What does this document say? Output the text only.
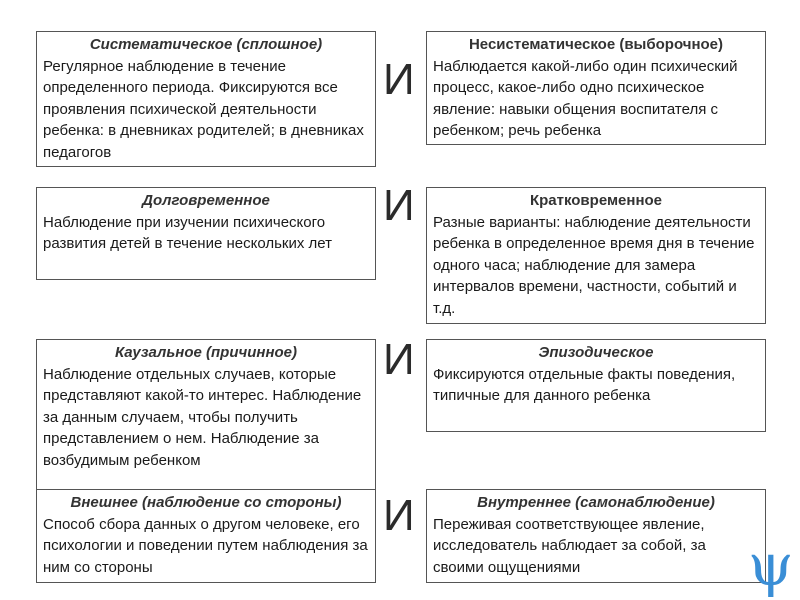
Систематическое (сплошное)
Регулярное наблюдение в течение определенного периода. Фиксируются все проявления психической деятельности ребенка: в дневниках родителей; в дневниках педагогов
И
Несистематическое (выборочное)
Наблюдается какой-либо один психический процесс, какое-либо одно психическое явление: навыки общения воспитателя с ребенком; речь ребенка
Долговременное
Наблюдение при изучении психического развития детей в течение нескольких лет
И	Кратковременное
Разные варианты: наблюдение деятельности ребенка в определенное время дня в течение одного часа; наблюдение для замера интервалов времени, частности, событий и т.д.
Каузальное (причинное)
Наблюдение отдельных случаев, которые представляют какой-то интерес. Наблюдение за данным случаем, чтобы получить представлением о нем. Наблюдение за возбудимым ребенком
И	Эпизодическое
Фиксируются отдельные факты поведения, типичные для данного ребенка
Внешнее (наблюдение со стороны)
Способ сбора данных о другом человеке, его психологии и поведении путем наблюдения за ним со стороны
И	Внутреннее (самонаблюдение)
Переживая соответствующее явление, исследователь наблюдает за собой, за своими ощущениями	ψ
